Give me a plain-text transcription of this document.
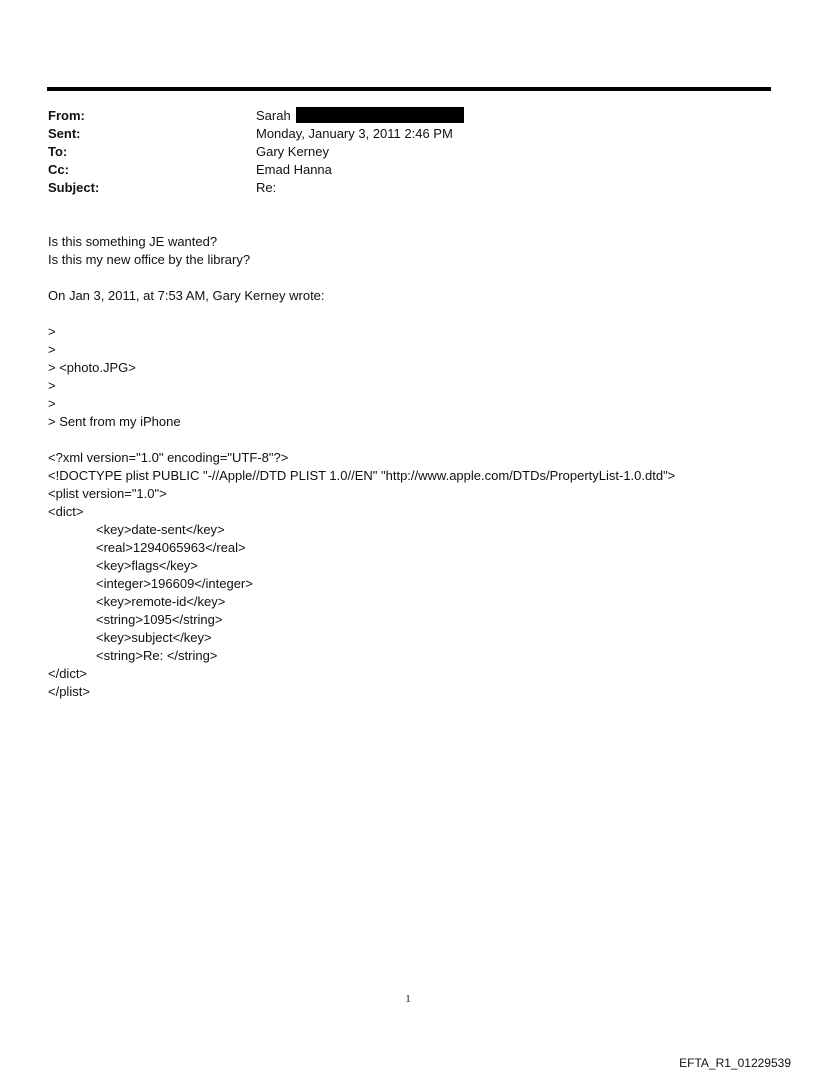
From:	Sarah
Sent:	Monday, January 3, 2011 2:46 PM
To:	Gary Kerney
Cc:	Emad Hanna
Subject:	Re:
Is this something JE wanted?
Is this my new office by the library?
On Jan 3, 2011, at 7:53 AM, Gary Kerney wrote:
>
>
> <photo.JPG>
>
>
> Sent from my iPhone
<?xml version="1.0" encoding="UTF-8"?>
<!DOCTYPE plist PUBLIC "-//Apple//DTD PLIST 1.0//EN" "http://www.apple.com/DTDs/PropertyList-1.0.dtd">
<plist version="1.0">
<dict>
<key>date-sent</key>
<real>1294065963</real>
<key>flags</key>
<integer>196609</integer>
<key>remote-id</key>
<string>1095</string>
<key>subject</key>
<string>Re: </string>
</dict>
</plist>
1
EFTA_R1_01229539
